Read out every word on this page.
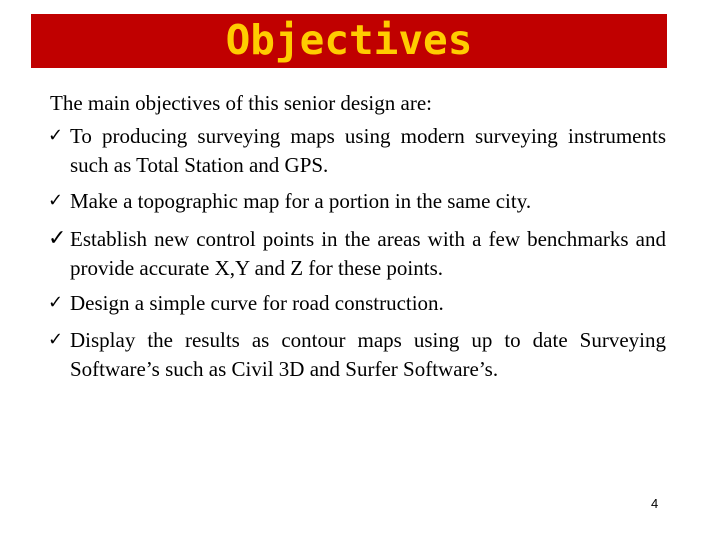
Objectives
The main objectives of this senior design are:
✓ To producing surveying maps using modern surveying instruments such as Total Station and GPS.
✓ Make a topographic map for a portion in the same city.
✓ Establish new control points in the areas with a few benchmarks and provide accurate X,Y and Z for these points.
✓ Design a simple curve for road construction.
✓ Display the results as contour maps using up to date Surveying Software’s such as Civil 3D and Surfer Software’s.
4
